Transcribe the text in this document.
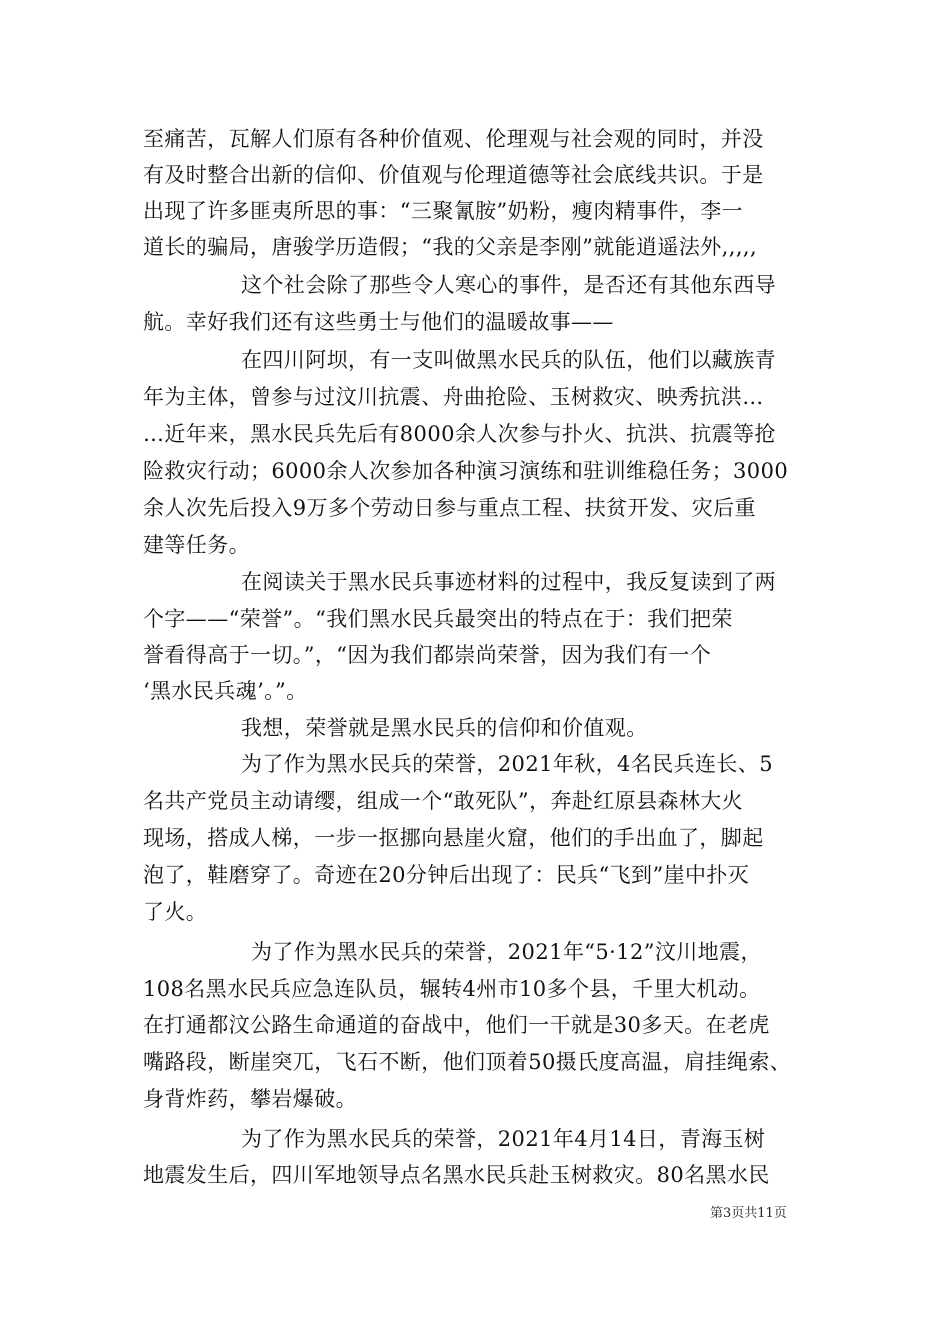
至痛苦，瓦解人们原有各种价值观、伦理观与社会观的同时，并没
有及时整合出新的信仰、价值观与伦理道德等社会底线共识。于是
出现了许多匪夷所思的事：“三聚氰胺”奶粉，瘦肉精事件，李一
道长的骗局，唐骏学历造假；“我的父亲是李刚”就能逍遥法外,,,,,
这个社会除了那些令人寒心的事件，是否还有其他东西导
航。幸好我们还有这些勇士与他们的温暖故事——
在四川阿坝，有一支叫做黑水民兵的队伍，他们以藏族青
年为主体，曾参与过汶川抗震、舟曲抢险、玉树救灾、映秀抗洪…
…近年来，黑水民兵先后有8000余人次参与扑火、抗洪、抗震等抢
险救灾行动；6000余人次参加各种演习演练和驻训维稳任务；3000
余人次先后投入9万多个劳动日参与重点工程、扶贫开发、灾后重
建等任务。
在阅读关于黑水民兵事迹材料的过程中，我反复读到了两
个字——“荣誉”。“我们黑水民兵最突出的特点在于：我们把荣
誉看得高于一切。”，“因为我们都崇尚荣誉，因为我们有一个
‘黑水民兵魂’。”。
我想，荣誉就是黑水民兵的信仰和价值观。
为了作为黑水民兵的荣誉，2021年秋，4名民兵连长、5
名共产党员主动请缨，组成一个“敢死队”，奔赴红原县森林大火
现场，搭成人梯，一步一抠挪向悬崖火窟，他们的手出血了，脚起
泡了，鞋磨穿了。奇迹在20分钟后出现了：民兵“飞到”崖中扑灭
了火。
为了作为黑水民兵的荣誉，2021年“5·12”汶川地震，
108名黑水民兵应急连队员，辗转4州市10多个县，千里大机动。
在打通都汶公路生命通道的奋战中，他们一干就是30多天。在老虎
嘴路段，断崖突兀，飞石不断，他们顶着50摄氏度高温，肩挂绳索、
身背炸药，攀岩爆破。
为了作为黑水民兵的荣誉，2021年4月14日，青海玉树
地震发生后，四川军地领导点名黑水民兵赴玉树救灾。80名黑水民
第3页共11页
